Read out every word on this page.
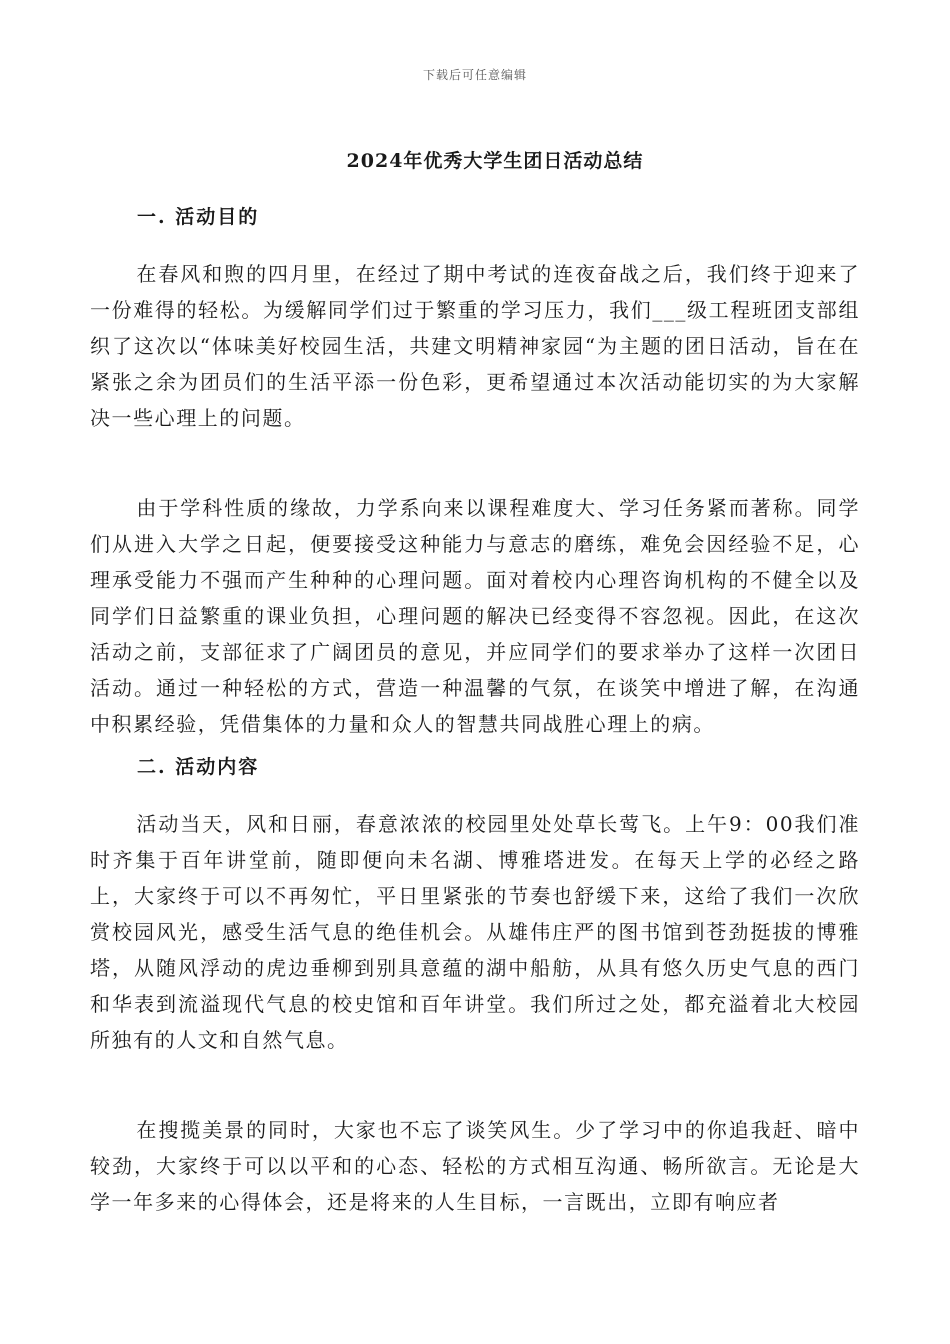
下载后可任意编辑
2024年优秀大学生团日活动总结
一. 活动目的

在春风和煦的四月里，在经过了期中考试的连夜奋战之后，我们终于迎来了一份难得的轻松。为缓解同学们过于繁重的学习压力，我们___级工程班团支部组织了这次以“体味美好校园生活，共建文明精神家园“为主题的团日活动，旨在在紧张之余为团员们的生活平添一份色彩，更希望通过本次活动能切实的为大家解决一些心理上的问题。

由于学科性质的缘故，力学系向来以课程难度大、学习任务紧而著称。同学们从进入大学之日起，便要接受这种能力与意志的磨练，难免会因经验不足，心理承受能力不强而产生种种的心理问题。面对着校内心理咨询机构的不健全以及同学们日益繁重的课业负担，心理问题的解决已经变得不容忽视。因此，在这次活动之前，支部征求了广阔团员的意见，并应同学们的要求举办了这样一次团日活动。通过一种轻松的方式，营造一种温馨的气氛，在谈笑中增进了解，在沟通中积累经验，凭借集体的力量和众人的智慧共同战胜心理上的病。

二. 活动内容

活动当天，风和日丽，春意浓浓的校园里处处草长莺飞。上午9：00我们准时齐集于百年讲堂前，随即便向未名湖、博雅塔进发。在每天上学的必经之路上，大家终于可以不再匆忙，平日里紧张的节奏也舒缓下来，这给了我们一次欣赏校园风光，感受生活气息的绝佳机会。从雄伟庄严的图书馆到苍劲挺拔的博雅塔，从随风浮动的虎边垂柳到别具意蕴的湖中船舫，从具有悠久历史气息的西门和华表到流溢现代气息的校史馆和百年讲堂。我们所过之处，都充溢着北大校园所独有的人文和自然气息。

在搜揽美景的同时，大家也不忘了谈笑风生。少了学习中的你追我赶、暗中较劲，大家终于可以以平和的心态、轻松的方式相互沟通、畅所欲言。无论是大学一年多来的心得体会，还是将来的人生目标，一言既出，立即有响应者
